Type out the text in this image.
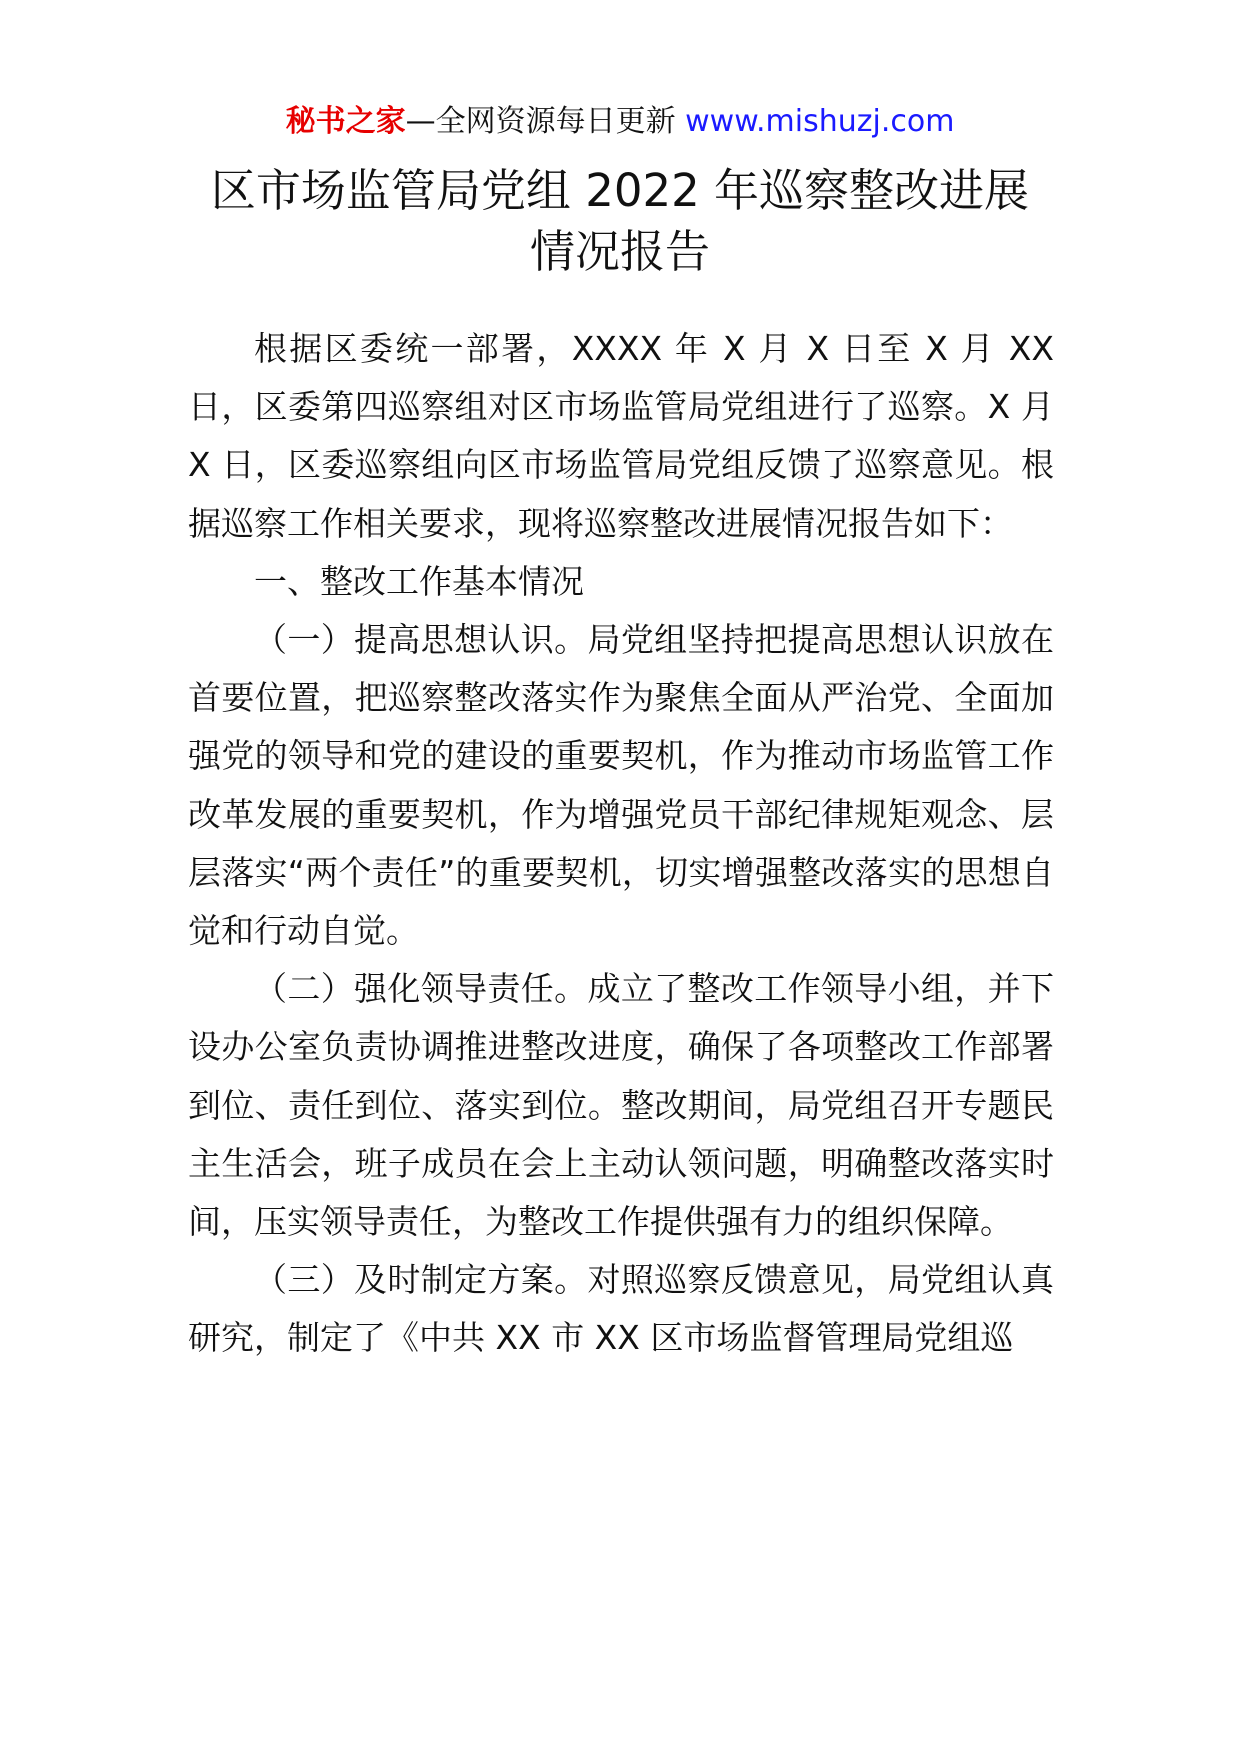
秘书之家—全网资源每日更新 www.mishuzj.com
区市场监管局党组 2022 年巡察整改进展
情况报告

根据区委统一部署，XXXX 年 X 月 X 日至 X 月 XX 日，区委第四巡察组对区市场监管局党组进行了巡察。X 月 X 日，区委巡察组向区市场监管局党组反馈了巡察意见。根据巡察工作相关要求，现将巡察整改进展情况报告如下：

一、整改工作基本情况

（一）提高思想认识。局党组坚持把提高思想认识放在首要位置，把巡察整改落实作为聚焦全面从严治党、全面加强党的领导和党的建设的重要契机，作为推动市场监管工作改革发展的重要契机，作为增强党员干部纪律规矩观念、层层落实“两个责任”的重要契机，切实增强整改落实的思想自觉和行动自觉。

（二）强化领导责任。成立了整改工作领导小组，并下设办公室负责协调推进整改进度，确保了各项整改工作部署到位、责任到位、落实到位。整改期间，局党组召开专题民主生活会，班子成员在会上主动认领问题，明确整改落实时间，压实领导责任，为整改工作提供强有力的组织保障。

（三）及时制定方案。对照巡察反馈意见，局党组认真研究，制定了《中共 XX 市 XX 区市场监督管理局党组巡
